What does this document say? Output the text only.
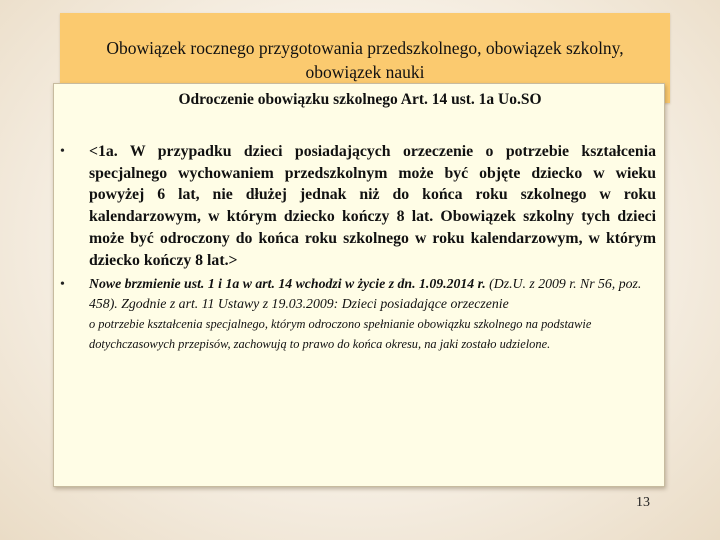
Obowiązek rocznego przygotowania przedszkolnego, obowiązek szkolny,
obowiązek nauki
Odroczenie obowiązku szkolnego Art. 14 ust. 1a Uo.SO
• <1a. W przypadku dzieci posiadających orzeczenie o potrzebie kształcenia specjalnego wychowaniem przedszkolnym może być objęte dziecko w wieku powyżej 6 lat, nie dłużej jednak niż do końca roku szkolnego w roku kalendarzowym, w którym dziecko kończy 8 lat. Obowiązek szkolny tych dzieci może być odroczony do końca roku szkolnego w roku kalendarzowym, w którym dziecko kończy 8 lat.>

• Nowe brzmienie ust. 1 i 1a w art. 14 wchodzi w życie z dn. 1.09.2014 r. (Dz.U. z 2009 r. Nr 56, poz. 458). Zgodnie z art. 11 Ustawy z 19.03.2009: Dzieci posiadające orzeczenie
o potrzebie kształcenia specjalnego, którym odroczono spełnianie obowiązku szkolnego na podstawie dotychczasowych przepisów, zachowują to prawo do końca okresu, na jaki zostało udzielone.

13
